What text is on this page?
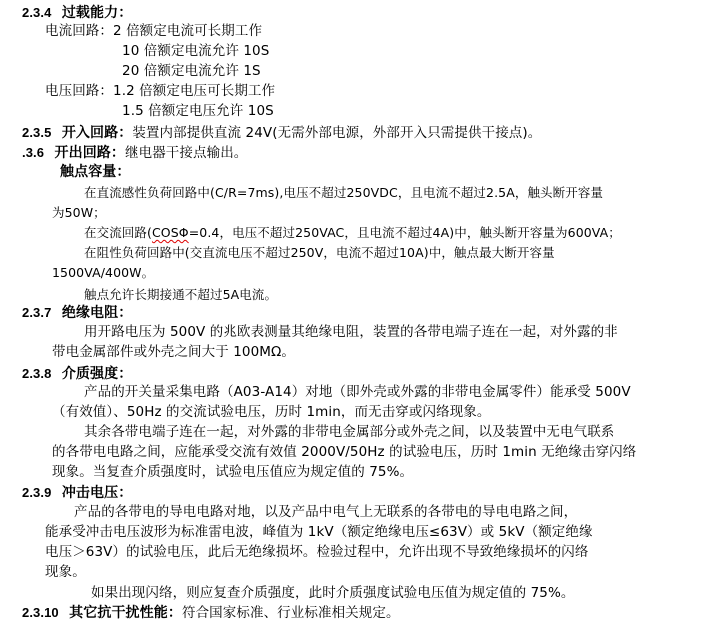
2.3.4 过载能力：
电流回路：2 倍额定电流可长期工作
10 倍额定电流允许 10S
20 倍额定电流允许 1S
电压回路：1.2 倍额定电压可长期工作
1.5 倍额定电压允许 10S
2.3.5 开入回路：装置内部提供直流 24V(无需外部电源，外部开入只需提供干接点)。
.3.6 开出回路：继电器干接点输出。
触点容量：
在直流感性负荷回路中(C/R=7ms),电压不超过250VDC，且电流不超过2.5A，触头断开容量
为50W；
在交流回路(COSΦ=0.4，电压不超过250VAC，且电流不超过4A)中，触头断开容量为600VA；
在阻性负荷回路中(交直流电压不超过250V，电流不超过10A)中，触点最大断开容量
1500VA/400W。
触点允许长期接通不超过5A电流。
2.3.7 绝缘电阻：
用开路电压为 500V 的兆欧表测量其绝缘电阻，装置的各带电端子连在一起，对外露的非
带电金属部件或外壳之间大于 100MΩ。
2.3.8 介质强度：
产品的开关量采集电路（A03-A14）对地（即外壳或外露的非带电金属零件）能承受 500V
（有效值）、50Hz 的交流试验电压，历时 1min，而无击穿或闪络现象。
其余各带电端子连在一起，对外露的非带电金属部分或外壳之间，以及装置中无电气联系
的各带电电路之间，应能承受交流有效值 2000V/50Hz 的试验电压，历时 1min 无绝缘击穿闪络
现象。当复查介质强度时，试验电压值应为规定值的 75%。
2.3.9 冲击电压：
产品的各带电的导电电路对地，以及产品中电气上无联系的各带电的导电电路之间，
能承受冲击电压波形为标准雷电波，峰值为 1kV（额定绝缘电压≤63V）或 5kV（额定绝缘
电压＞63V）的试验电压，此后无绝缘损坏。检验过程中，允许出现不导致绝缘损坏的闪络
现象。
如果出现闪络，则应复查介质强度，此时介质强度试验电压值为规定值的 75%。
2.3.10 其它抗干扰性能：符合国家标准、行业标准相关规定。
